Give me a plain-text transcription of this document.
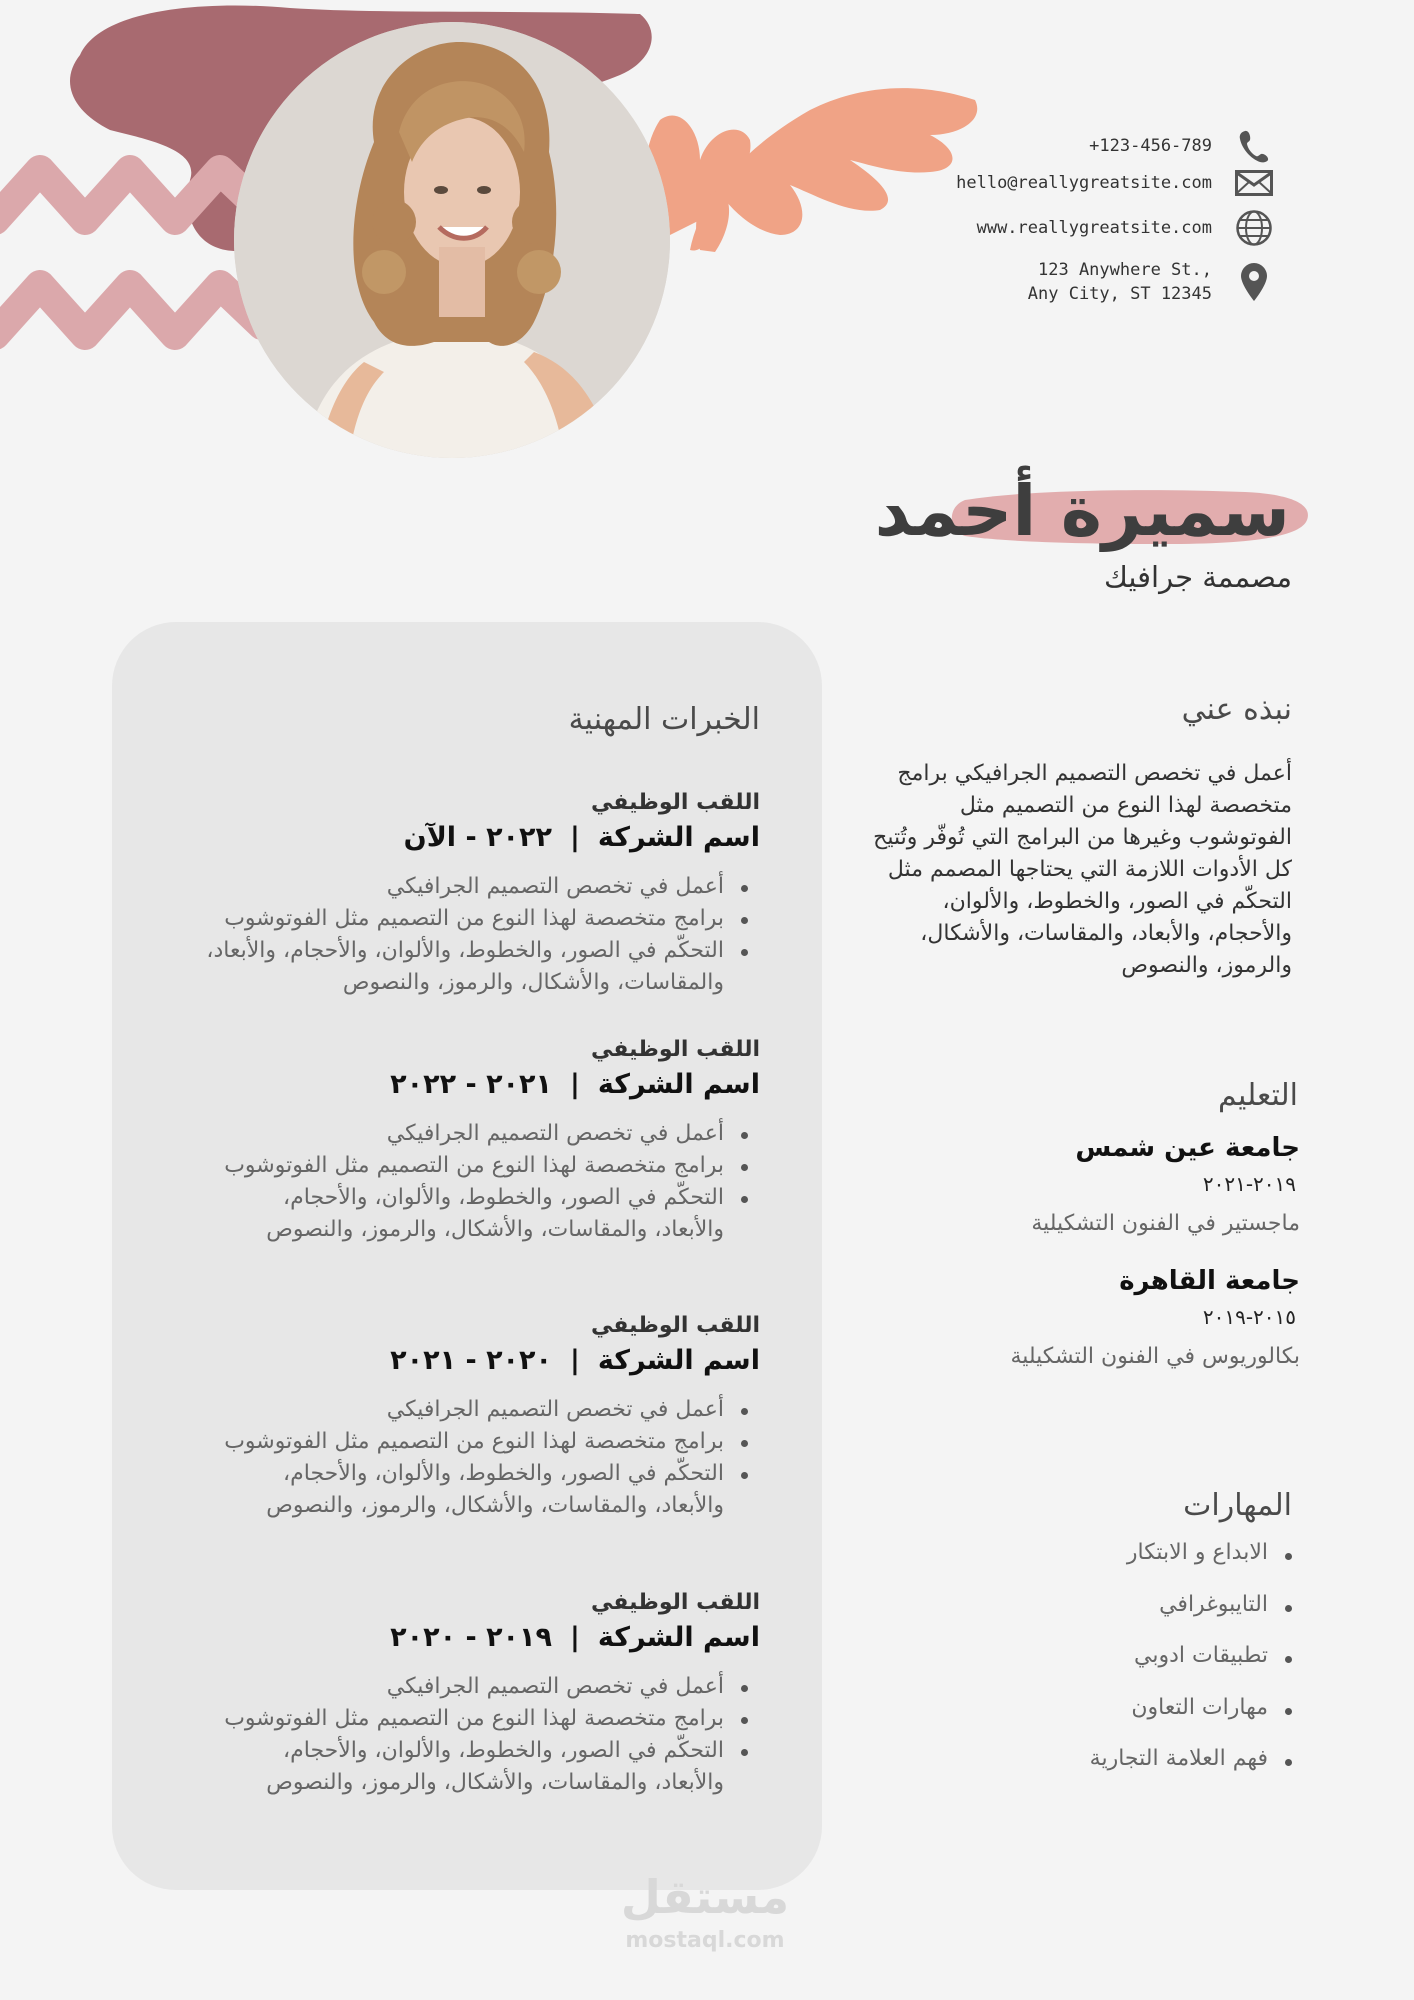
+123-456-789
hello@reallygreatsite.com
www.reallygreatsite.com
123 Anywhere St.,
Any City, ST 12345
سميرة أحمد
مصممة جرافيك
الخبرات المهنية
اللقب الوظيفي
اسم الشركة|٢٠٢٢ - الآن
أعمل في تخصص التصميم الجرافيكي
برامج متخصصة لهذا النوع من التصميم مثل الفوتوشوب
التحكّم في الصور، والخطوط، والألوان، والأحجام، والأبعاد،
والمقاسات، والأشكال، والرموز، والنصوص
اللقب الوظيفي
اسم الشركة|٢٠٢١ - ٢٠٢٢
أعمل في تخصص التصميم الجرافيكي
برامج متخصصة لهذا النوع من التصميم مثل الفوتوشوب
التحكّم في الصور، والخطوط، والألوان، والأحجام،
والأبعاد، والمقاسات، والأشكال، والرموز، والنصوص
اللقب الوظيفي
اسم الشركة|٢٠٢٠ - ٢٠٢١
أعمل في تخصص التصميم الجرافيكي
برامج متخصصة لهذا النوع من التصميم مثل الفوتوشوب
التحكّم في الصور، والخطوط، والألوان، والأحجام،
والأبعاد، والمقاسات، والأشكال، والرموز، والنصوص
اللقب الوظيفي
اسم الشركة|٢٠١٩ - ٢٠٢٠
أعمل في تخصص التصميم الجرافيكي
برامج متخصصة لهذا النوع من التصميم مثل الفوتوشوب
التحكّم في الصور، والخطوط، والألوان، والأحجام،
والأبعاد، والمقاسات، والأشكال، والرموز، والنصوص
نبذه عني
أعمل في تخصص التصميم الجرافيكي برامج متخصصة لهذا النوع من التصميم مثل الفوتوشوب وغيرها من البرامج التي تُوفّر وتُتيح كل الأدوات اللازمة التي يحتاجها المصمم مثل التحكّم في الصور، والخطوط، والألوان، والأحجام، والأبعاد، والمقاسات، والأشكال، والرموز، والنصوص
التعليم
جامعة عين شمس
٢٠١٩-٢٠٢١
ماجستير في الفنون التشكيلية
جامعة القاهرة
٢٠١٥-٢٠١٩
بكالوريوس في الفنون التشكيلية
المهارات
الابداع و الابتكار
التايبوغرافي
تطبيقات ادوبي
مهارات التعاون
فهم العلامة التجارية
مستقل
mostaql.com
